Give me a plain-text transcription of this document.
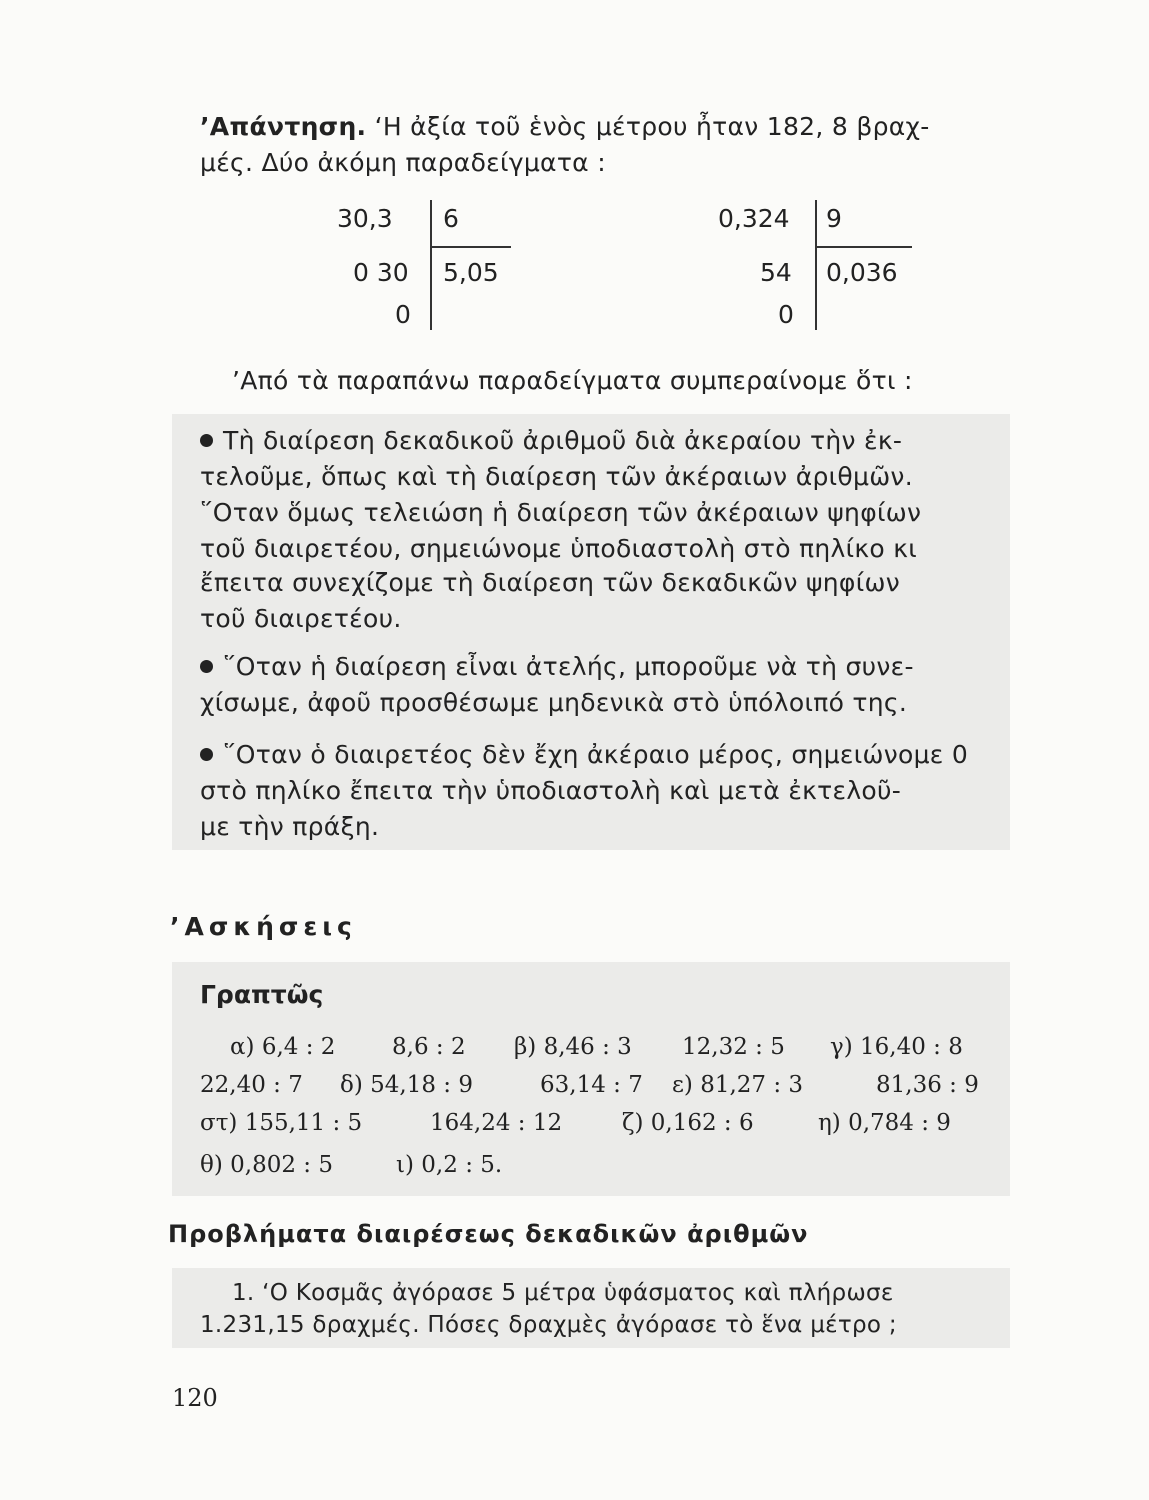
’Απάντηση. ‘Η ἀξία τοῦ ἑνὸς μέτρου ἦταν 182, 8 βραχ-
μές. Δύο ἀκόμη παραδείγματα :
30,3 6
0 30 5,05
0
0,324 9
54 0,036
0
’Από τὰ παραπάνω παραδείγματα συμπεραίνομε ὅτι :
Τὴ διαίρεση δεκαδικοῦ ἀριθμοῦ διὰ ἀκεραίου τὴν ἐκ-
τελοῦμε, ὅπως καὶ τὴ διαίρεση τῶν ἀκέραιων ἀριθμῶν.
῞Οταν ὅμως τελειώση ἡ διαίρεση τῶν ἀκέραιων ψηφίων
τοῦ διαιρετέου, σημειώνομε ὑποδιαστολὴ στὸ πηλίκο κι
ἔπειτα συνεχίζομε τὴ διαίρεση τῶν δεκαδικῶν ψηφίων
τοῦ διαιρετέου.
῞Οταν ἡ διαίρεση εἶναι ἀτελής, μποροῦμε νὰ τὴ συνε-
χίσωμε, ἀφοῦ προσθέσωμε μηδενικὰ στὸ ὑπόλοιπό της.
῞Οταν ὁ διαιρετέος δὲν ἔχη ἀκέραιο μέρος, σημειώνομε 0
στὸ πηλίκο ἔπειτα τὴν ὑποδιαστολὴ καὶ μετὰ ἐκτελοῦ-
με τὴν πράξη.
’Ασκήσεις
Γραπτῶς
α) 6,4 : 2 8,6 : 2 β) 8,46 : 3 12,32 : 5 γ) 16,40 : 8
22,40 : 7 δ) 54,18 : 9	63,14 : 7 ε) 81,27 : 3	81,36 : 9
στ) 155,11 : 5	164,24 : 12	ζ) 0,162 : 6	η) 0,784 : 9
θ) 0,802 : 5	ι) 0,2 : 5.
Προβλήματα διαιρέσεως δεκαδικῶν ἀριθμῶν
1. ‘Ο Κοσμᾶς ἀγόρασε 5 μέτρα ὑφάσματος καὶ πλήρωσε
1.231,15 δραχμές. Πόσες δραχμὲς ἀγόρασε τὸ ἕνα μέτρο ;
120
